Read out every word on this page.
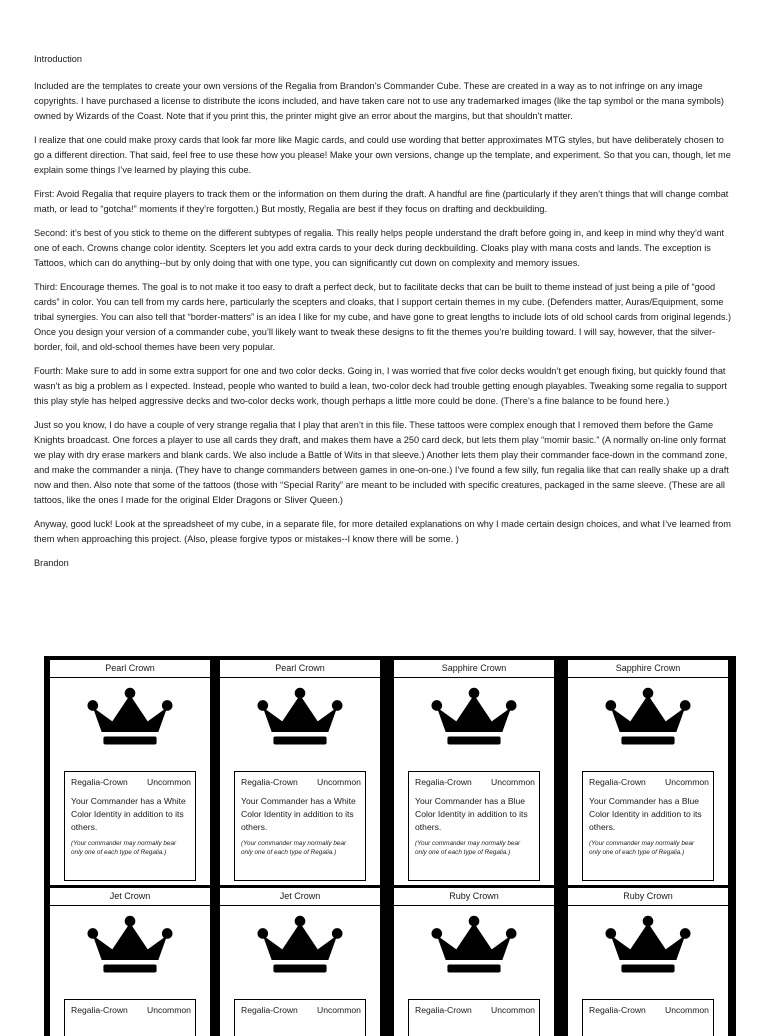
Introduction

Included are the templates to create your own versions of the Regalia from Brandon’s Commander Cube. These are created in a way as to not infringe on any image copyrights. I have purchased a license to distribute the icons included, and have taken care not to use any trademarked images (like the tap symbol or the mana symbols) owned by Wizards of the Coast. Note that if you print this, the printer might give an error about the margins, but that shouldn’t matter.

I realize that one could make proxy cards that look far more like Magic cards, and could use wording that better approximates MTG styles, but have deliberately chosen to go a different direction. That said, feel free to use these how you please! Make your own versions, change up the template, and experiment. So that you can, though, let me explain some things I’ve learned by playing this cube.

First: Avoid Regalia that require players to track them or the information on them during the draft. A handful are fine (particularly if they aren’t things that will change combat math, or lead to “gotcha!” moments if they’re forgotten.) But mostly, Regalia are best if they focus on drafting and deckbuilding.

Second: it’s best of you stick to theme on the different subtypes of regalia. This really helps people understand the draft before going in, and keep in mind why they’d want one of each. Crowns change color identity. Scepters let you add extra cards to your deck during deckbuilding. Cloaks play with mana costs and lands. The exception is Tattoos, which can do anything--but by only doing that with one type, you can significantly cut down on complexity and memory issues.

Third: Encourage themes. The goal is to not make it too easy to draft a perfect deck, but to facilitate decks that can be built to theme instead of just being a pile of “good cards” in color. You can tell from my cards here, particularly the scepters and cloaks, that I support certain themes in my cube. (Defenders matter, Auras/Equipment, some tribal synergies. You can also tell that “border-matters” is an idea I like for my cube, and have gone to great lengths to include lots of old school cards from original legends.) Once you design your version of a commander cube, you’ll likely want to tweak these designs to fit the themes you’re building toward. I will say, however, that the silver-border, foil, and old-school themes have been very popular.

Fourth: Make sure to add in some extra support for one and two color decks. Going in, I was worried that five color decks wouldn’t get enough fixing, but quickly found that wasn’t as big a problem as I expected. Instead, people who wanted to build a lean, two-color deck had trouble getting enough playables. Tweaking some regalia to support this play style has helped aggressive decks and two-color decks work, though perhaps a little more could be done. (There’s a fine balance to be found here.)

Just so you know, I do have a couple of very strange regalia that I play that aren’t in this file. These tattoos were complex enough that I removed them before the Game Knights broadcast. One forces a player to use all cards they draft, and makes them have a 250 card deck, but lets them play “momir basic.” (A normally on-line only format we play with dry erase markers and blank cards. We also include a Battle of Wits in that sleeve.) Another lets them play their commander face-down in the command zone, and make the commander a ninja. (They have to change commanders between games in one-on-one.) I’ve found a few silly, fun regalia like that can really shake up a draft now and then. Also note that some of the tattoos (those with “Special Rarity” are meant to be included with specific creatures, packaged in the same sleeve. (These are all tattoos, like the ones I made for the original Elder Dragons or Sliver Queen.)

Anyway, good luck! Look at the spreadsheet of my cube, in a separate file, for more detailed explanations on why I made certain design choices, and what I’ve learned from them when approaching this project. (Also, please forgive typos or mistakes--I know there will be some. )

Brandon

Pearl Crown
Regalia-Crown Uncommon
Your Commander has a White Color Identity in addition to its others.
(Your commander may normally bear only one of each type of Regalia.)
Pearl Crown
Regalia-Crown Uncommon
Your Commander has a White Color Identity in addition to its others.
(Your commander may normally bear only one of each type of Regalia.)
Sapphire Crown
Regalia-Crown Uncommon
Your Commander has a Blue Color Identity in addition to its others.
(Your commander may normally bear only one of each type of Regalia.)
Sapphire Crown
Regalia-Crown Uncommon
Your Commander has a Blue Color Identity in addition to its others.
(Your commander may normally bear only one of each type of Regalia.)
Jet Crown
Regalia-Crown Uncommon
Jet Crown
Regalia-Crown Uncommon
Ruby Crown
Regalia-Crown Uncommon
Ruby Crown
Regalia-Crown Uncommon
